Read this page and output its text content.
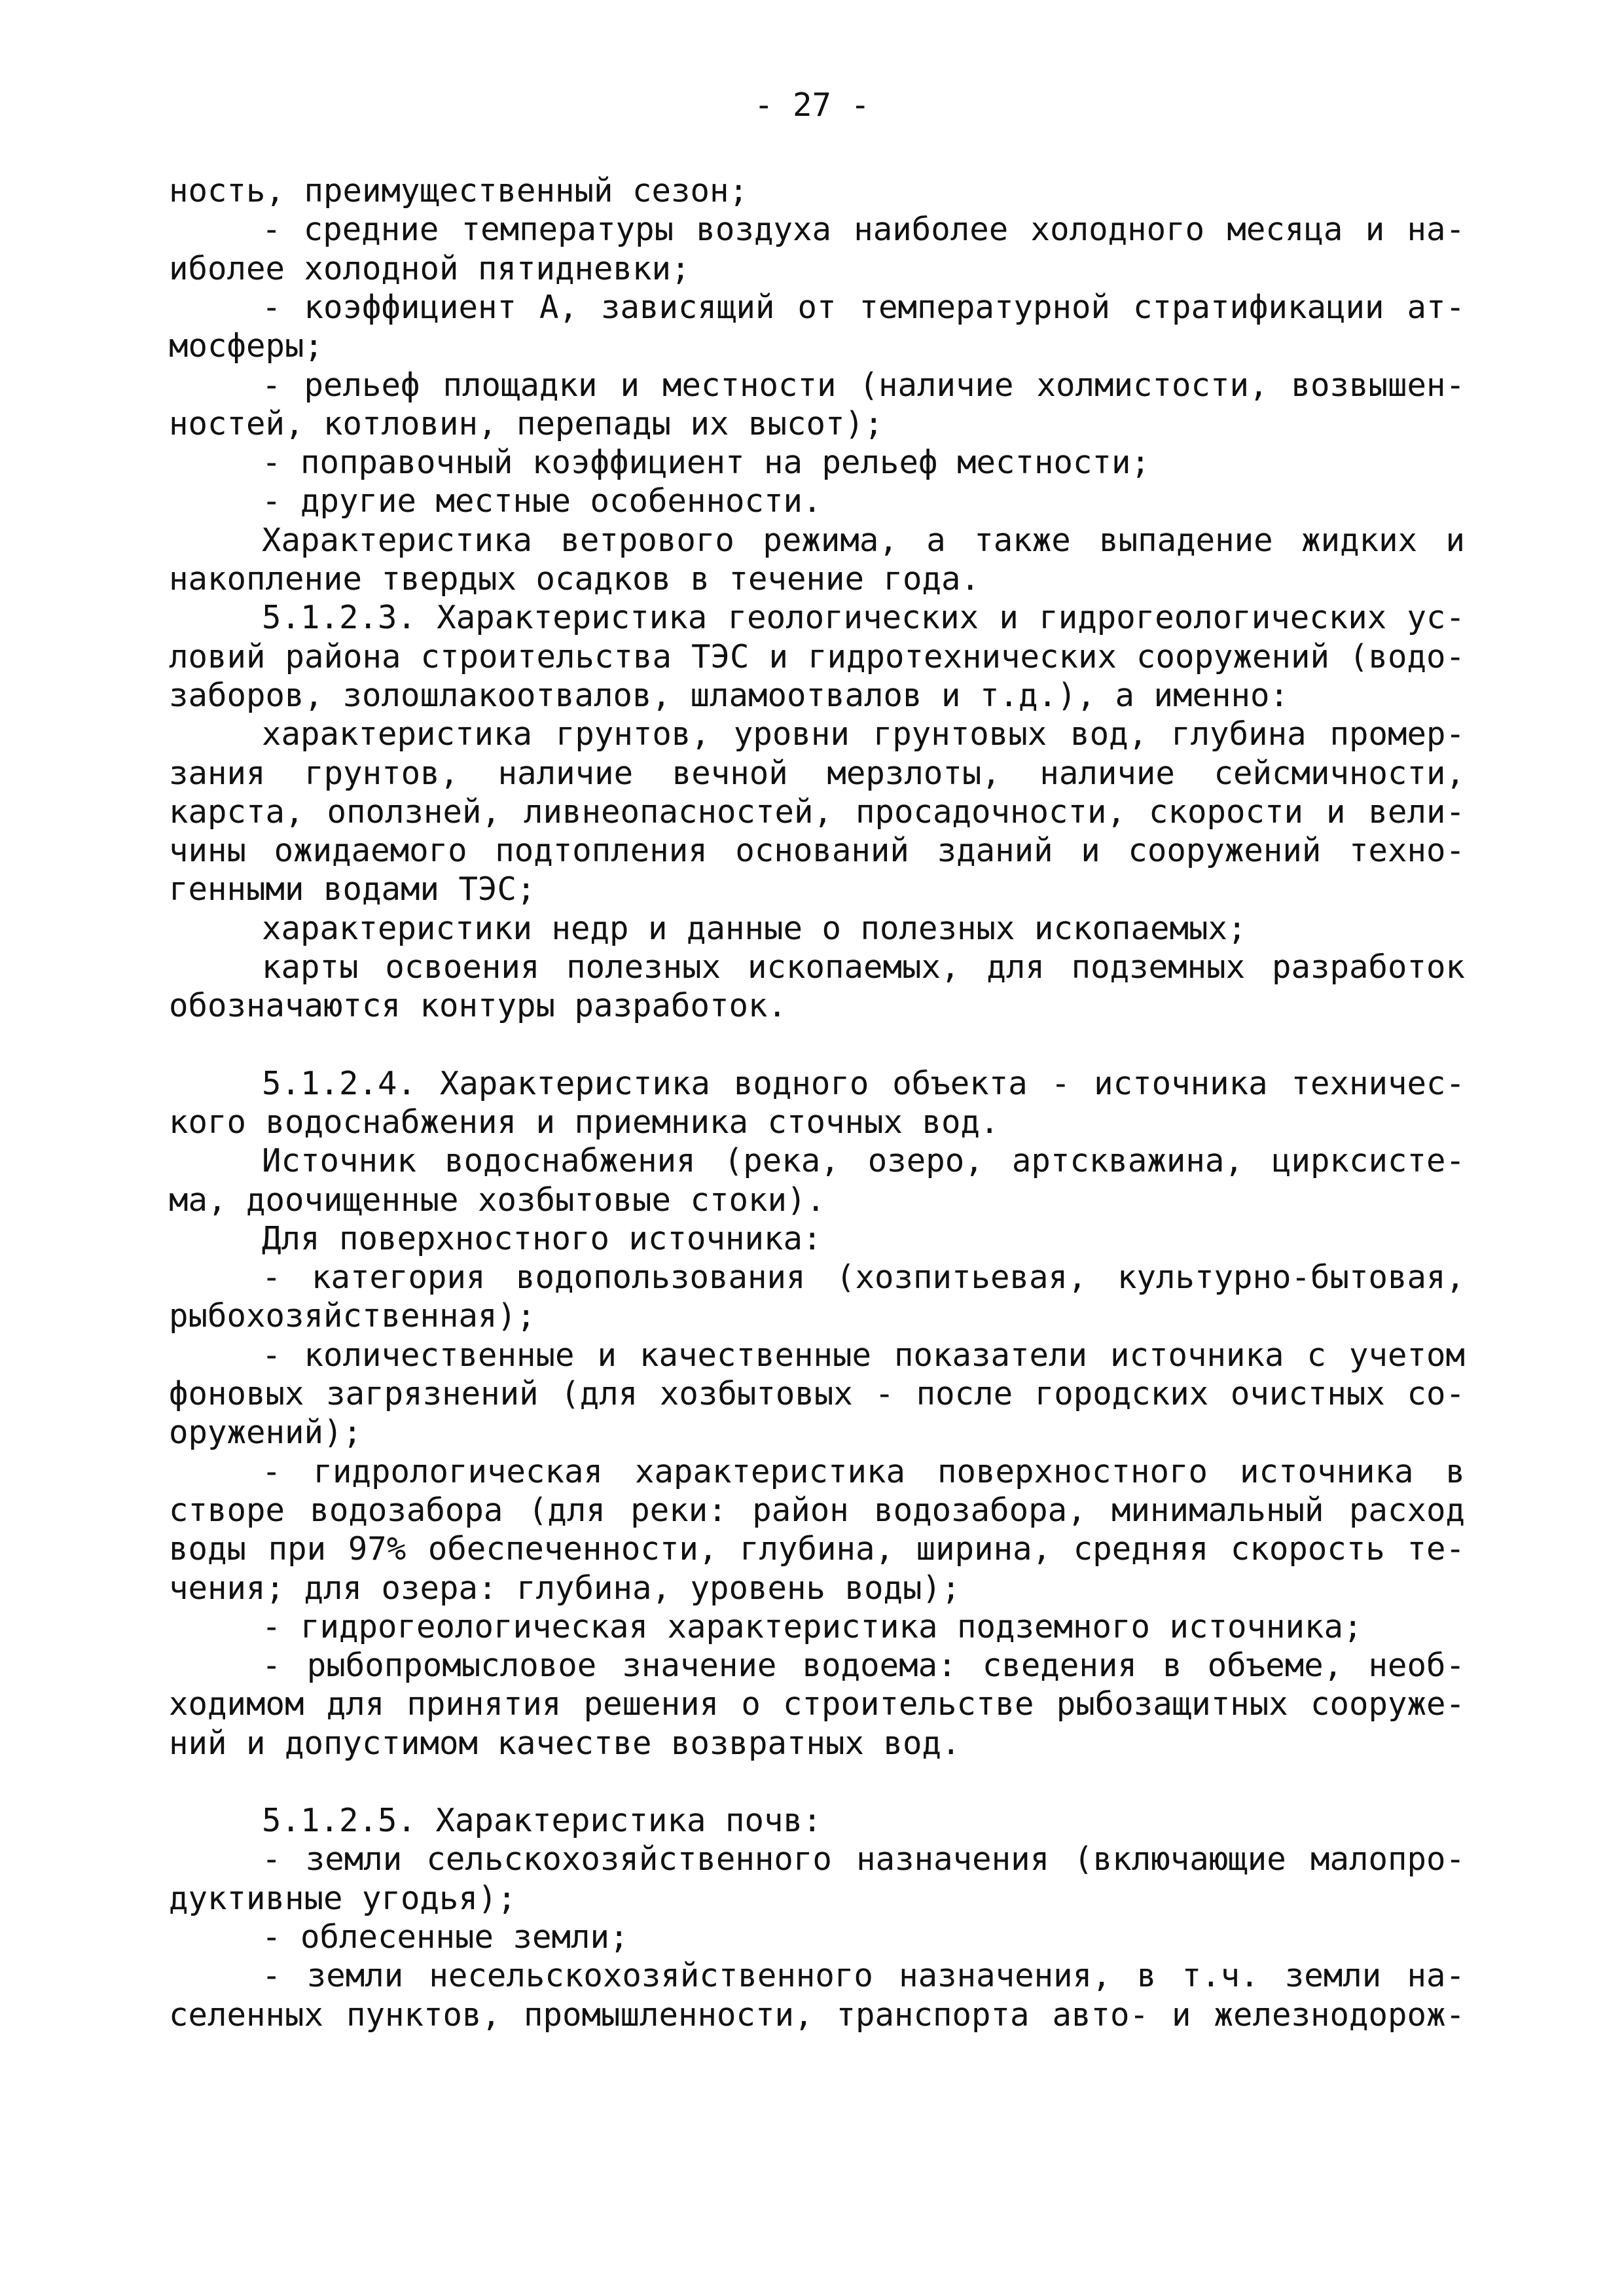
- 27 -
ность, преимущественный сезон;
- средние температуры воздуха наиболее холодного месяца и на-
иболее холодной пятидневки;
- коэффициент А, зависящий от температурной стратификации ат-
мосферы;
- рельеф площадки и местности (наличие холмистости, возвышен-
ностей, котловин, перепады их высот);
- поправочный коэффициент на рельеф местности;
- другие местные особенности.
Характеристика ветрового режима, а также выпадение жидких и
накопление твердых осадков в течение года.
5.1.2.3. Характеристика геологических и гидрогеологических ус-
ловий района строительства ТЭС и гидротехнических сооружений (водо-
заборов, золошлакоотвалов, шламоотвалов и т.д.), а именно:
характеристика грунтов, уровни грунтовых вод, глубина промер-
зания грунтов, наличие вечной мерзлоты, наличие сейсмичности,
карста, оползней, ливнеопасностей, просадочности, скорости и вели-
чины ожидаемого подтопления оснований зданий и сооружений техно-
генными водами ТЭС;
характеристики недр и данные о полезных ископаемых;
карты освоения полезных ископаемых, для подземных разработок
обозначаются контуры разработок.
5.1.2.4. Характеристика водного объекта - источника техничес-
кого водоснабжения и приемника сточных вод.
Источник водоснабжения (река, озеро, артскважина, цирксисте-
ма, доочищенные хозбытовые стоки).
Для поверхностного источника:
- категория водопользования (хозпитьевая, культурно-бытовая,
рыбохозяйственная);
- количественные и качественные показатели источника с учетом
фоновых загрязнений (для хозбытовых - после городских очистных со-
оружений);
- гидрологическая характеристика поверхностного источника в
створе водозабора (для реки: район водозабора, минимальный расход
воды при 97% обеспеченности, глубина, ширина, средняя скорость те-
чения; для озера: глубина, уровень воды);
- гидрогеологическая характеристика подземного источника;
- рыбопромысловое значение водоема: сведения в объеме, необ-
ходимом для принятия решения о строительстве рыбозащитных сооруже-
ний и допустимом качестве возвратных вод.
5.1.2.5. Характеристика почв:
- земли сельскохозяйственного назначения (включающие малопро-
дуктивные угодья);
- облесенные земли;
- земли несельскохозяйственного назначения, в т.ч. земли на-
селенных пунктов, промышленности, транспорта авто- и железнодорож-
